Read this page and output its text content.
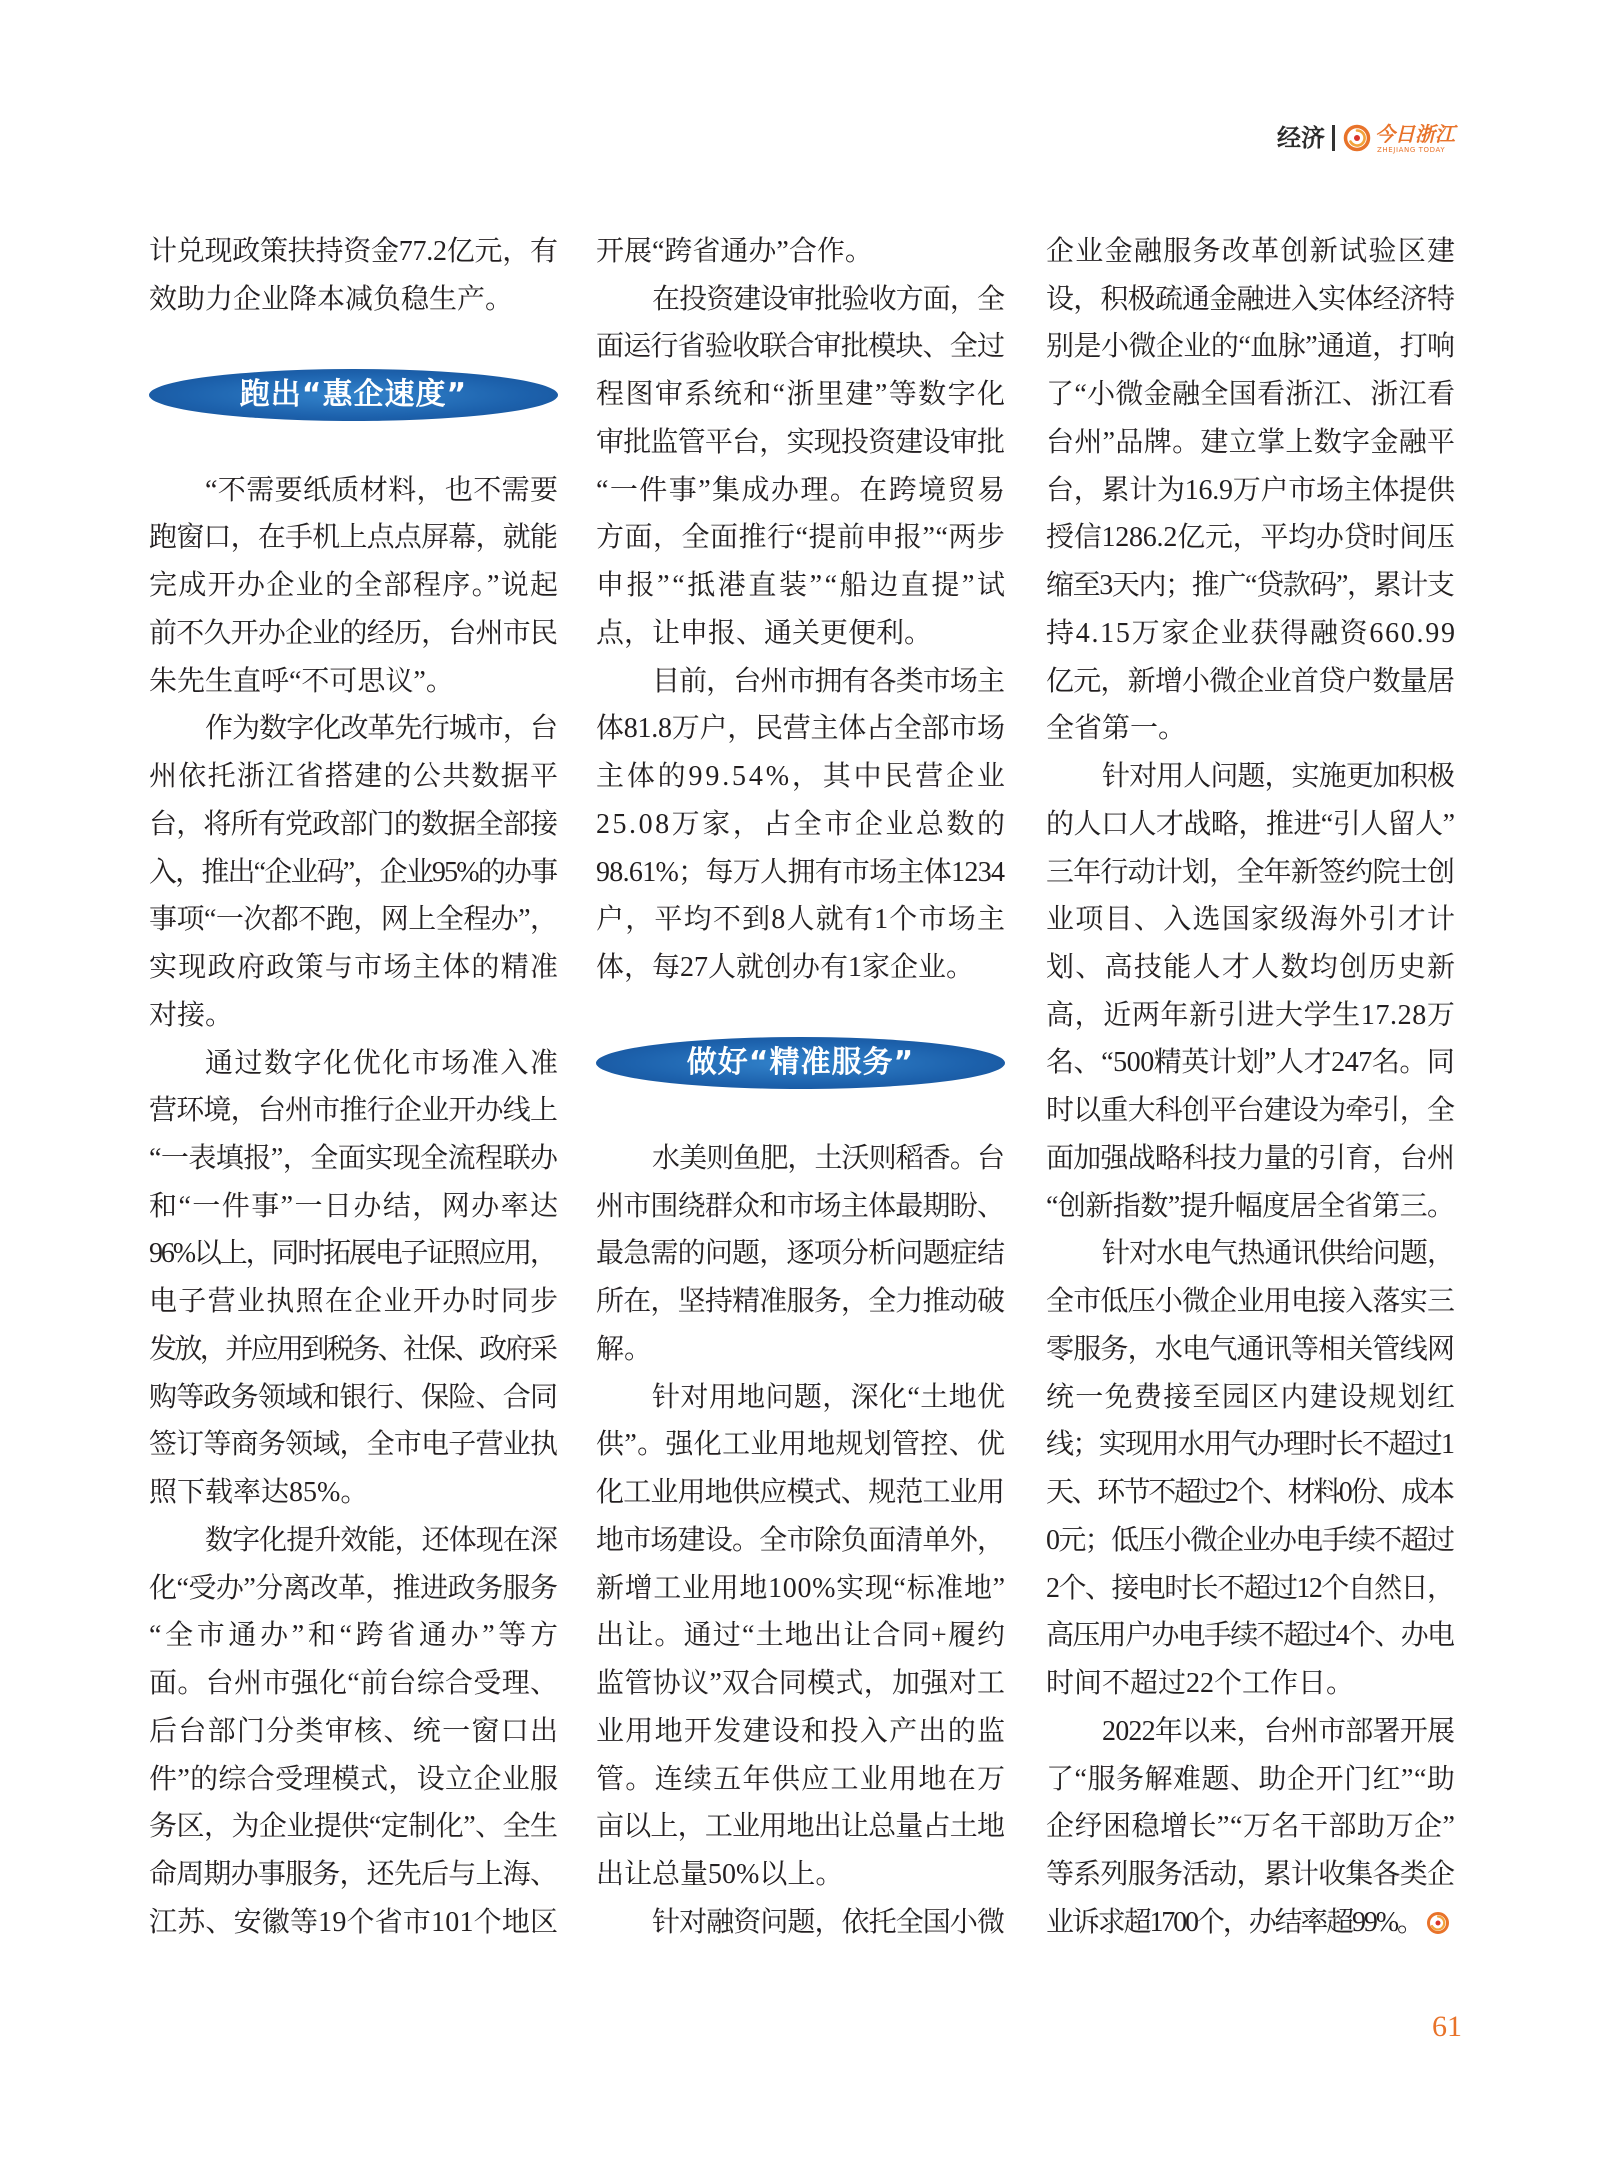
经济	今日浙江
ZHEJIANG TODAY
计兑现政策扶持资金77.2亿元，有
效助力企业降本减负稳生产。
跑出“惠企速度”
“不需要纸质材料，也不需要
跑窗口，在手机上点点屏幕，就能
完成开办企业的全部程序。”说起
前不久开办企业的经历，台州市民
朱先生直呼“不可思议”。
作为数字化改革先行城市，台
州依托浙江省搭建的公共数据平
台，将所有党政部门的数据全部接
入，推出“企业码”，企业95%的办事
事项“一次都不跑，网上全程办”，
实现政府政策与市场主体的精准
对接。
通过数字化优化市场准入准
营环境，台州市推行企业开办线上
“一表填报”，全面实现全流程联办
和“一件事”一日办结，网办率达
96%以上，同时拓展电子证照应用，
电子营业执照在企业开办时同步
发放，并应用到税务、社保、政府采
购等政务领域和银行、保险、合同
签订等商务领域，全市电子营业执
照下载率达85%。
数字化提升效能，还体现在深
化“受办”分离改革，推进政务服务
“全市通办”和“跨省通办”等方
面。台州市强化“前台综合受理、
后台部门分类审核、统一窗口出
件”的综合受理模式，设立企业服
务区，为企业提供“定制化”、全生
命周期办事服务，还先后与上海、
江苏、安徽等19个省市101个地区
开展“跨省通办”合作。
在投资建设审批验收方面，全
面运行省验收联合审批模块、全过
程图审系统和“浙里建”等数字化
审批监管平台，实现投资建设审批
“一件事”集成办理。在跨境贸易
方面，全面推行“提前申报”“两步
申报”“抵港直装”“船边直提”试
点，让申报、通关更便利。
目前，台州市拥有各类市场主
体81.8万户，民营主体占全部市场
主体的99.54%，其中民营企业
25.08万家，占全市企业总数的
98.61%；每万人拥有市场主体1234
户，平均不到8人就有1个市场主
体，每27人就创办有1家企业。
做好“精准服务”
水美则鱼肥，土沃则稻香。台
州市围绕群众和市场主体最期盼、
最急需的问题，逐项分析问题症结
所在，坚持精准服务，全力推动破
解。
针对用地问题，深化“土地优
供”。强化工业用地规划管控、优
化工业用地供应模式、规范工业用
地市场建设。全市除负面清单外，
新增工业用地100%实现“标准地”
出让。通过“土地出让合同+履约
监管协议”双合同模式，加强对工
业用地开发建设和投入产出的监
管。连续五年供应工业用地在万
亩以上，工业用地出让总量占土地
出让总量50%以上。
针对融资问题，依托全国小微
企业金融服务改革创新试验区建
设，积极疏通金融进入实体经济特
别是小微企业的“血脉”通道，打响
了“小微金融全国看浙江、浙江看
台州”品牌。建立掌上数字金融平
台，累计为16.9万户市场主体提供
授信1286.2亿元，平均办贷时间压
缩至3天内；推广“贷款码”，累计支
持4.15万家企业获得融资660.99
亿元，新增小微企业首贷户数量居
全省第一。
针对用人问题，实施更加积极
的人口人才战略，推进“引人留人”
三年行动计划，全年新签约院士创
业项目、入选国家级海外引才计
划、高技能人才人数均创历史新
高，近两年新引进大学生17.28万
名、“500精英计划”人才247名。同
时以重大科创平台建设为牵引，全
面加强战略科技力量的引育，台州
“创新指数”提升幅度居全省第三。
针对水电气热通讯供给问题，
全市低压小微企业用电接入落实三
零服务，水电气通讯等相关管线网
统一免费接至园区内建设规划红
线；实现用水用气办理时长不超过1
天、环节不超过2个、材料0份、成本
0元；低压小微企业办电手续不超过
2个、接电时长不超过12个自然日，
高压用户办电手续不超过4个、办电
时间不超过22个工作日。
2022年以来，台州市部署开展
了“服务解难题、助企开门红”“助
企纾困稳增长”“万名干部助万企”
等系列服务活动，累计收集各类企
业诉求超1700个，办结率超99%。
61
